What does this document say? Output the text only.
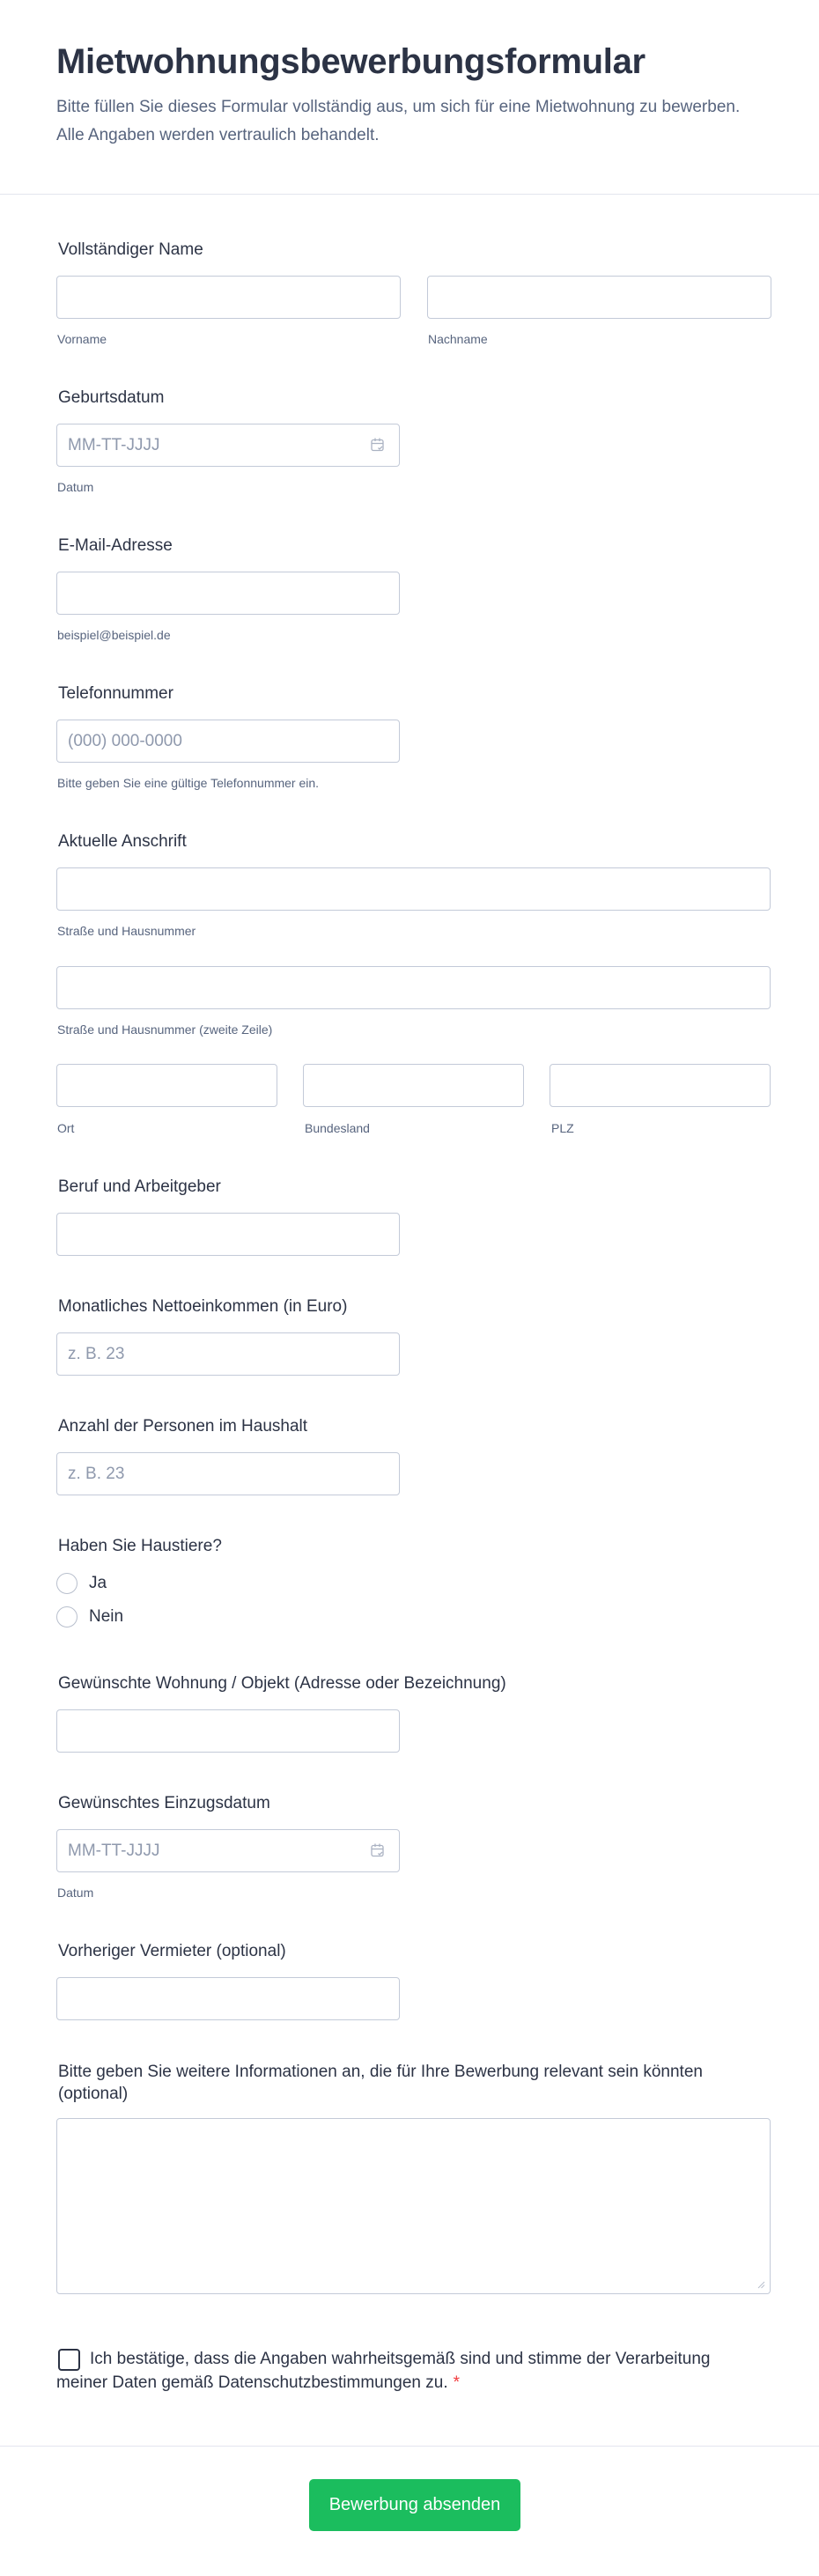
Mietwohnungsbewerbungsformular
Bitte füllen Sie dieses Formular vollständig aus, um sich für eine Mietwohnung zu bewerben. Alle Angaben werden vertraulich behandelt.
Vollständiger Name
Vorname	Nachname
Geburtsdatum
MM-TT-JJJJ
Datum
E-Mail-Adresse
beispiel@beispiel.de
Telefonnummer
(000) 000-0000
Bitte geben Sie eine gültige Telefonnummer ein.
Aktuelle Anschrift
Straße und Hausnummer
Straße und Hausnummer (zweite Zeile)
Ort	Bundesland	PLZ
Beruf und Arbeitgeber
Monatliches Nettoeinkommen (in Euro)
z. B. 23
Anzahl der Personen im Haushalt
z. B. 23
Haben Sie Haustiere?
Ja
Nein
Gewünschte Wohnung / Objekt (Adresse oder Bezeichnung)
Gewünschtes Einzugsdatum
MM-TT-JJJJ
Datum
Vorheriger Vermieter (optional)
Bitte geben Sie weitere Informationen an, die für Ihre Bewerbung relevant sein könnten (optional)
Ich bestätige, dass die Angaben wahrheitsgemäß sind und stimme der Verarbeitung meiner Daten gemäß Datenschutzbestimmungen zu. *
Bewerbung absenden
